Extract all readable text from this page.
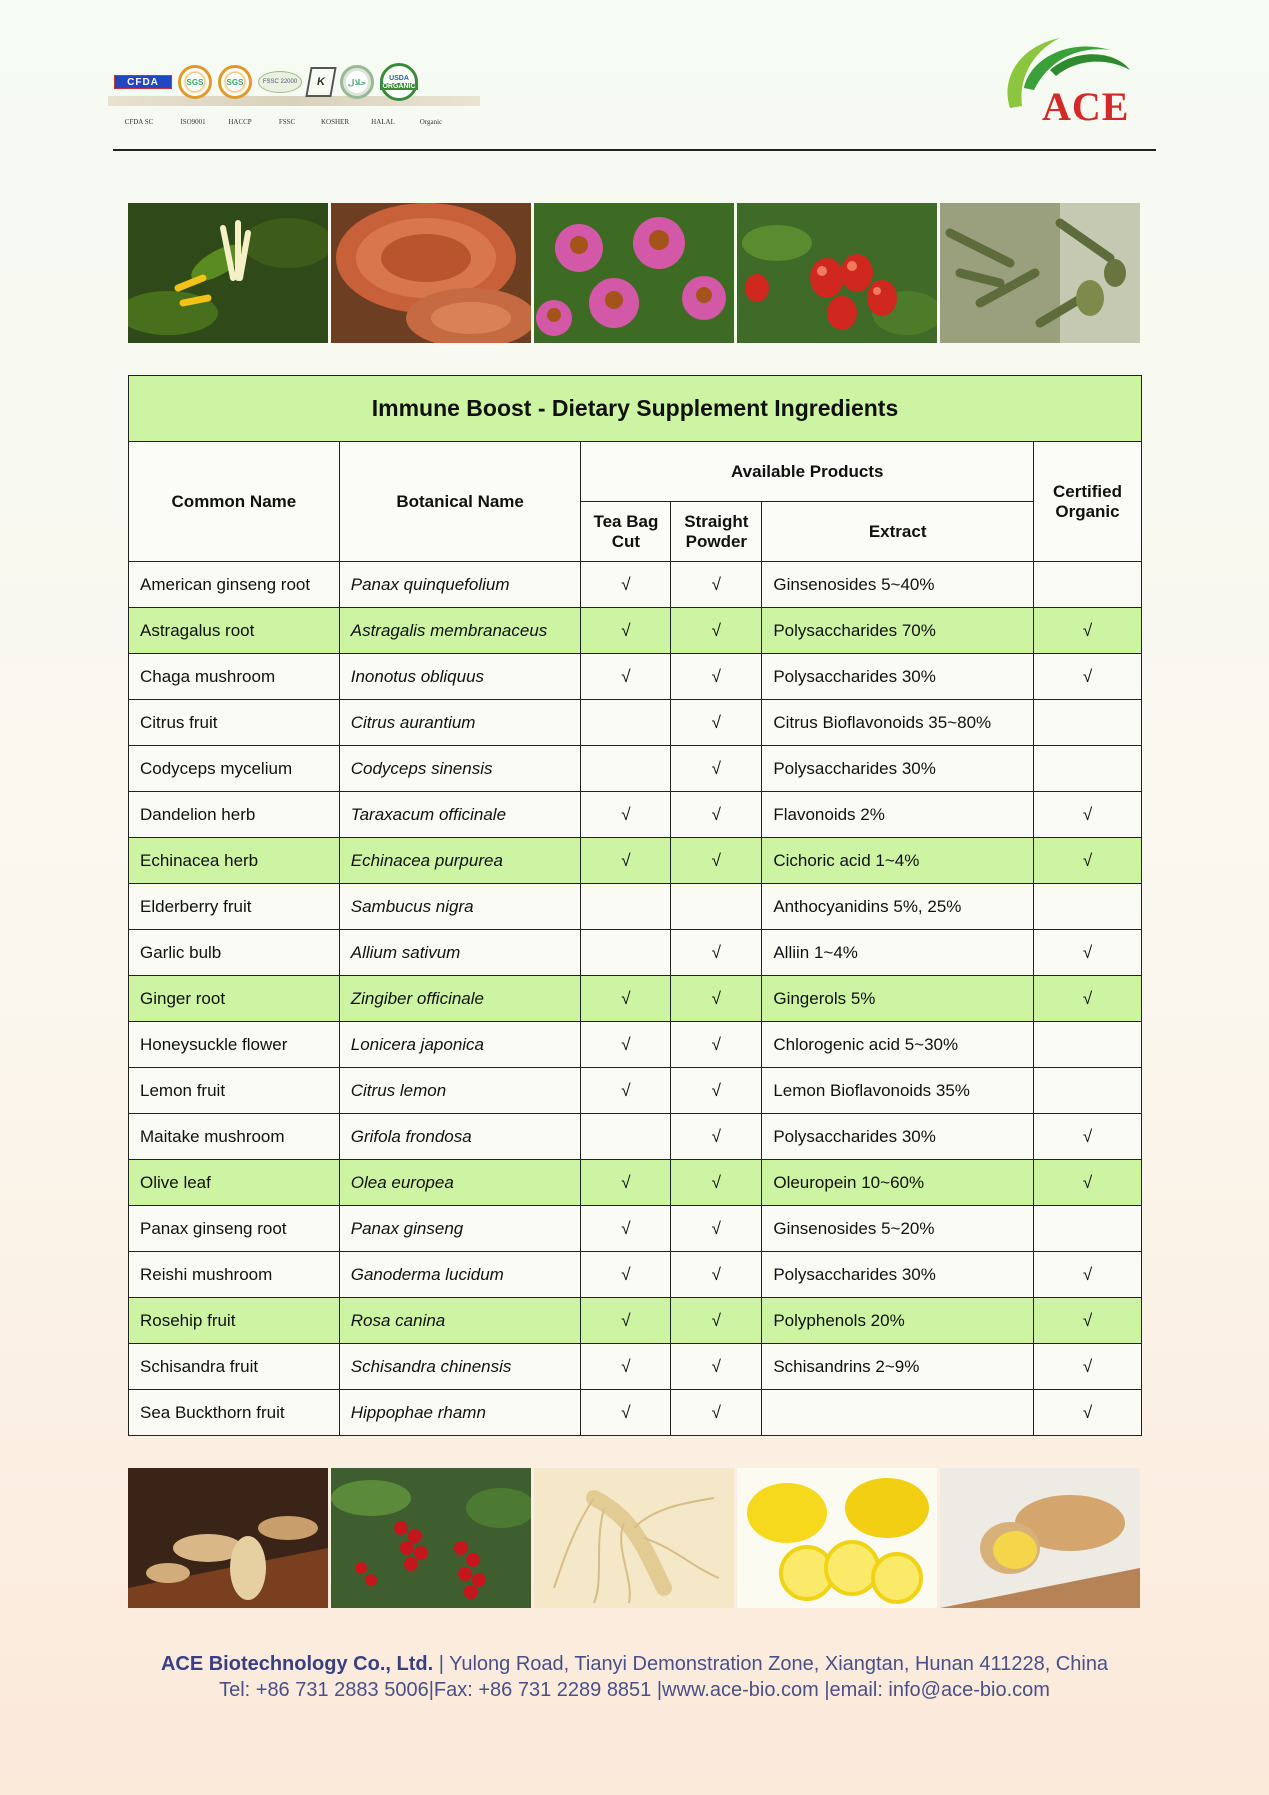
CFDA	SGS	SGS	FSSC 22000	K	حلال	USDA
ORGANIC
CFDA SC	ISO9001	HACCP	FSSC	KOSHER	HALAL	Organic	ACE
Immune Boost - Dietary Supplement Ingredients					
Common Name	Botanical Name	Available Products			Certified Organic
		Tea Bag Cut	Straight Powder	Extract	
American ginseng root	Panax quinquefolium	√	√	Ginsenosides 5~40%	
Astragalus root	Astragalis membranaceus	√	√	Polysaccharides 70%	√
Chaga mushroom	Inonotus obliquus	√	√	Polysaccharides 30%	√
Citrus fruit	Citrus aurantium		√	Citrus Bioflavonoids 35~80%	
Codyceps mycelium	Codyceps sinensis		√	Polysaccharides 30%	
Dandelion herb	Taraxacum officinale	√	√	Flavonoids 2%	√
Echinacea herb	Echinacea purpurea	√	√	Cichoric acid 1~4%	√
Elderberry fruit	Sambucus nigra			Anthocyanidins 5%, 25%	
Garlic bulb	Allium sativum		√	Alliin 1~4%	√
Ginger root	Zingiber officinale	√	√	Gingerols 5%	√
Honeysuckle flower	Lonicera japonica	√	√	Chlorogenic acid 5~30%	
Lemon fruit	Citrus lemon	√	√	Lemon Bioflavonoids 35%	
Maitake mushroom	Grifola frondosa		√	Polysaccharides 30%	√
Olive leaf	Olea europea	√	√	Oleuropein 10~60%	√
Panax ginseng root	Panax ginseng	√	√	Ginsenosides 5~20%	
Reishi mushroom	Ganoderma lucidum	√	√	Polysaccharides 30%	√
Rosehip fruit	Rosa canina	√	√	Polyphenols 20%	√
Schisandra fruit	Schisandra chinensis	√	√	Schisandrins 2~9%	√
Sea Buckthorn fruit	Hippophae rhamn	√	√		√
ACE Biotechnology Co., Ltd. | Yulong Road, Tianyi Demonstration Zone, Xiangtan, Hunan 411228, China
Tel: +86 731 2883 5006|Fax: +86 731 2289 8851 |www.ace-bio.com |email: info@ace-bio.com
